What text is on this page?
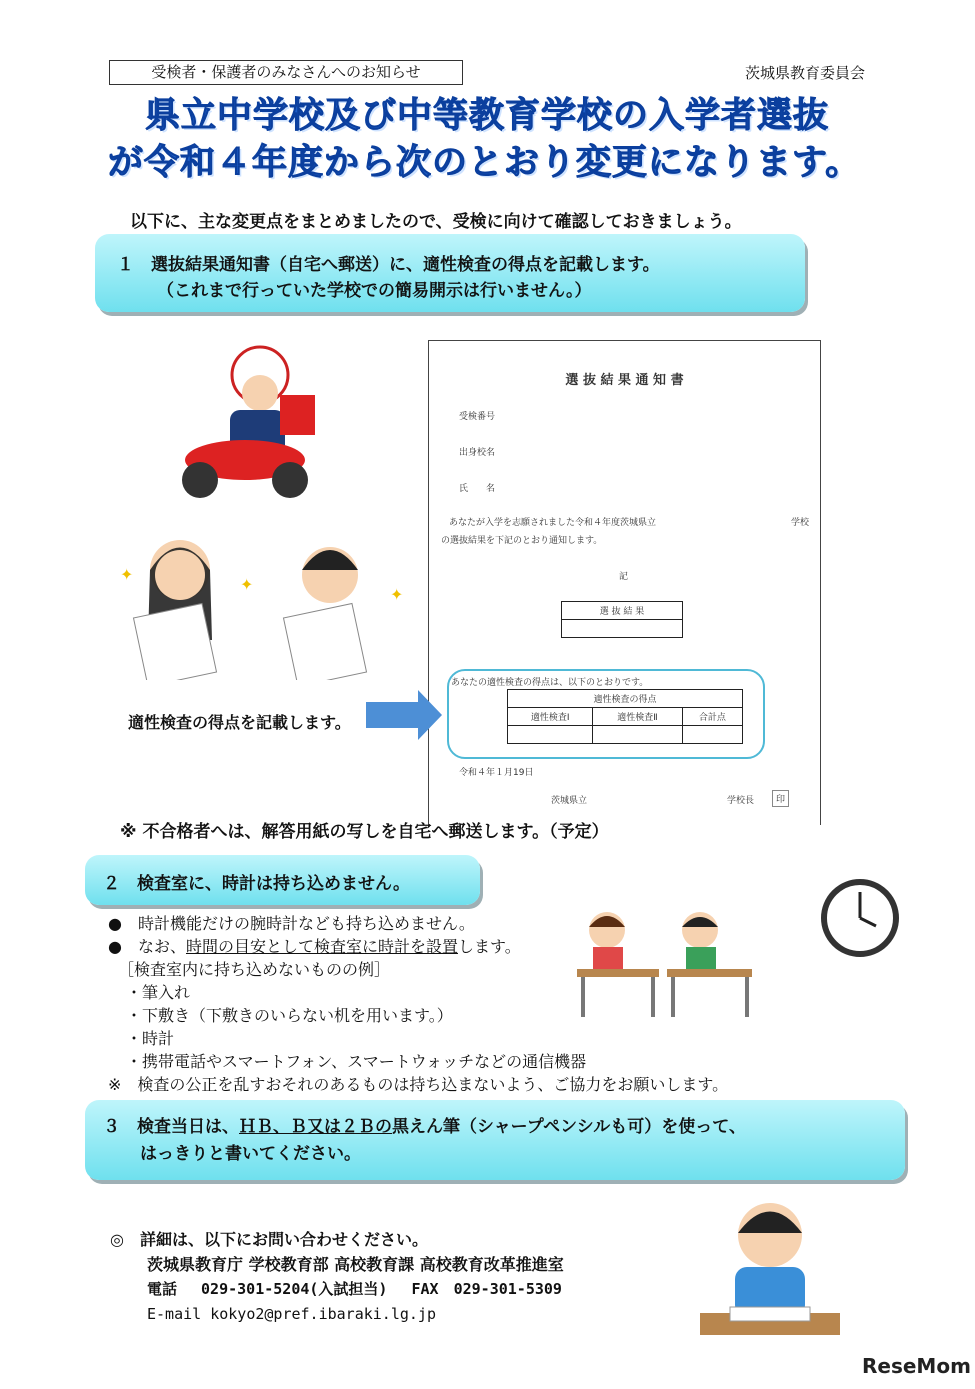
受検者・保護者のみなさんへのお知らせ	茨城県教育委員会
県立中学校及び中等教育学校の入学者選抜
が令和４年度から次のとおり変更になります。
以下に、主な変更点をまとめましたので、受検に向けて確認しておきましょう。
１　選抜結果通知書（自宅へ郵送）に、適性検査の得点を記載します。
（これまで行っていた学校での簡易開示は行いません。）
✦
✦
✦
選 抜 結 果 通 知 書
受検番号
出身校名
氏　　名
あなたが入学を志願されました令和４年度茨城県立	学校
の選抜結果を下記のとおり通知します。
記
選 抜 結 果

あなたの適性検査の得点は、以下のとおりです。
適性検査の得点		
適性検査Ⅰ	適性検査Ⅱ	合計点

令和４年１月19日
茨城県立	学校長	印
適性検査の得点を記載します。
※ 不合格者へは、解答用紙の写しを自宅へ郵送します。（予定）
２　検査室に、時計は持ち込めません。
●　時計機能だけの腕時計なども持ち込めません。
●　なお、時間の目安として検査室に時計を設置します。
［検査室内に持ち込めないものの例］
・筆入れ
・下敷き（下敷きのいらない机を用います。）
・時計
・携帯電話やスマートフォン、スマートウォッチなどの通信機器
※　検査の公正を乱すおそれのあるものは持ち込まないよう、ご協力をお願いします。
３　検査当日は、ＨＢ、Ｂ又は２Ｂの黒えん筆（シャープペンシルも可）を使って、
はっきりと書いてください。
◎　詳細は、以下にお問い合わせください。
茨城県教育庁 学校教育部 高校教育課 高校教育改革推進室
電話　 029-301-5204(入試担当)　 FAX　029-301-5309
E-mail kokyo2@pref.ibaraki.lg.jp
ReseMom
